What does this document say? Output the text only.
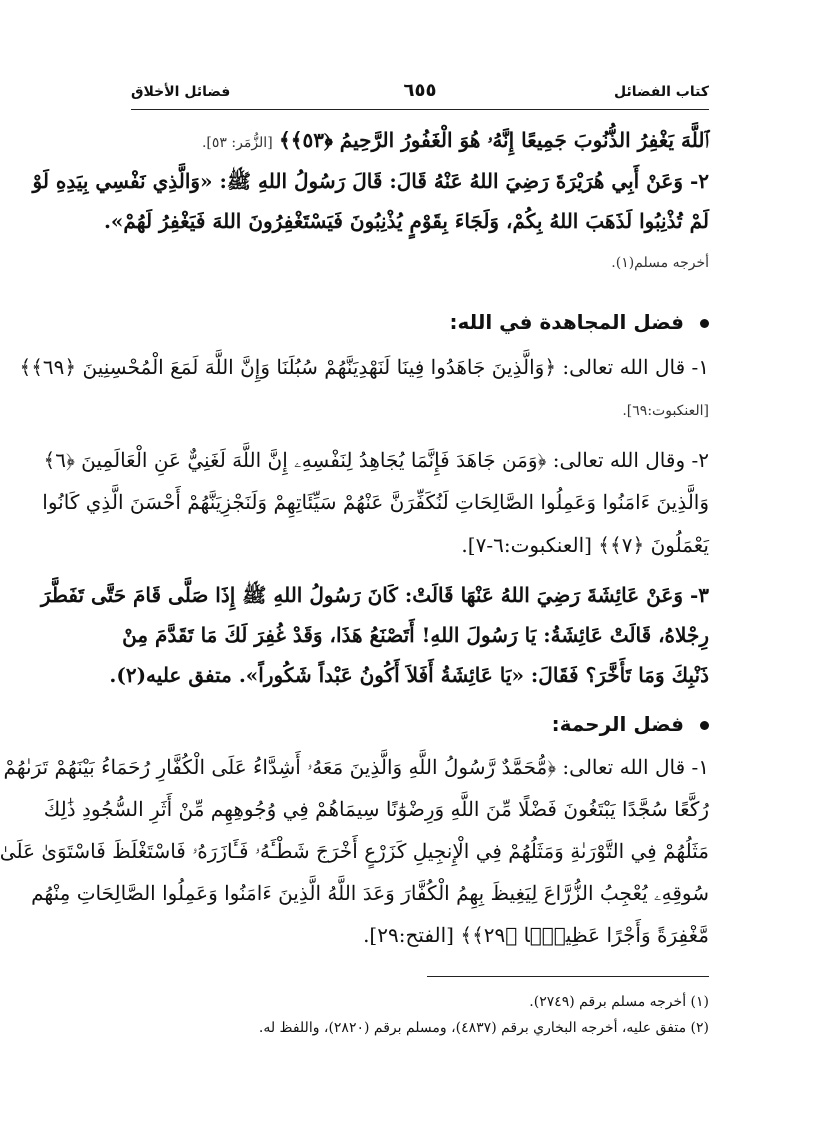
كتاب الفضائل
٦٥٥
فضائل الأخلاق
ﭐللَّهَ يَغْفِرُ الذُّنُوبَ جَمِيعًا إِنَّهُۥ هُوَ الْغَفُورُ الرَّحِيمُ ﴿٥٣﴾﴾ [الزُّمَر: ٥٣].
٢- وَعَنْ أَبِي هُرَيْرَةَ رَضِيَ اللهُ عَنْهُ قَالَ: قَالَ رَسُولُ اللهِ ﷺ: «وَالَّذِي نَفْسِي بِيَدِهِ لَوْ
لَمْ تُذْنِبُوا لَذَهَبَ اللهُ بِكُمْ، وَلَجَاءَ بِقَوْمٍ يُذْنِبُونَ فَيَسْتَغْفِرُونَ اللهَ فَيَغْفِرُ لَهُمْ».
أخرجه مسلم(١).
فضل المجاهدة في الله:
١- قال الله تعالى: ﴿وَالَّذِينَ جَاهَدُوا فِينَا لَنَهْدِيَنَّهُمْ سُبُلَنَا وَإِنَّ اللَّهَ لَمَعَ الْمُحْسِنِينَ ﴿٦٩﴾﴾
[العنكبوت:٦٩].
٢- وقال الله تعالى: ﴿وَمَن جَاهَدَ فَإِنَّمَا يُجَاهِدُ لِنَفْسِهِۦ إِنَّ اللَّهَ لَغَنِيٌّ عَنِ الْعَالَمِينَ ﴿٦﴾
وَالَّذِينَ ءَامَنُوا وَعَمِلُوا الصَّالِحَاتِ لَنُكَفِّرَنَّ عَنْهُمْ سَيِّئَاتِهِمْ وَلَنَجْزِيَنَّهُمْ أَحْسَنَ الَّذِي كَانُوا
يَعْمَلُونَ ﴿٧﴾﴾ [العنكبوت:٦-٧].
٣- وَعَنْ عَائِشَةَ رَضِيَ اللهُ عَنْهَا قَالَتْ: كَانَ رَسُولُ اللهِ ﷺ إِذَا صَلَّى قَامَ حَتَّى تَفَطَّرَ
رِجْلاهُ، قَالَتْ عَائِشَةُ: يَا رَسُولَ اللهِ! أَتَصْنَعُ هَذَا، وَقَدْ غُفِرَ لَكَ مَا تَقَدَّمَ مِنْ
ذَنْبِكَ وَمَا تَأَخَّرَ؟ فَقَالَ: «يَا عَائِشَةُ أَفَلاَ أَكُونُ عَبْداً شَكُوراً». متفق عليه(٢).
فضل الرحمة:
١- قال الله تعالى: ﴿مُّحَمَّدٌ رَّسُولُ اللَّهِ وَالَّذِينَ مَعَهُۥ أَشِدَّاءُ عَلَى الْكُفَّارِ رُحَمَاءُ بَيْنَهُمْ تَرَىٰهُمْ
رُكَّعًا سُجَّدًا يَبْتَغُونَ فَضْلًا مِّنَ اللَّهِ وَرِضْوَٰنًا سِيمَاهُمْ فِي وُجُوهِهِم مِّنْ أَثَرِ السُّجُودِ ذَٰلِكَ
مَثَلُهُمْ فِي التَّوْرَىٰةِ وَمَثَلُهُمْ فِي الْإِنجِيلِ كَزَرْعٍ أَخْرَجَ شَطْـَٔهُۥ فَـَٔازَرَهُۥ فَاسْتَغْلَظَ فَاسْتَوَىٰ عَلَىٰ
سُوقِهِۦ يُعْجِبُ الزُّرَّاعَ لِيَغِيظَ بِهِمُ الْكُفَّارَ وَعَدَ اللَّهُ الَّذِينَ ءَامَنُوا وَعَمِلُوا الصَّالِحَاتِ مِنْهُم
مَّغْفِرَةً وَأَجْرًا عَظِيمًۢا ﴿٢٩﴾﴾ [الفتح:٢٩].
(١) أخرجه مسلم برقم (٢٧٤٩).
(٢) متفق عليه، أخرجه البخاري برقم (٤٨٣٧)، ومسلم برقم (٢٨٢٠)، واللفظ له.
